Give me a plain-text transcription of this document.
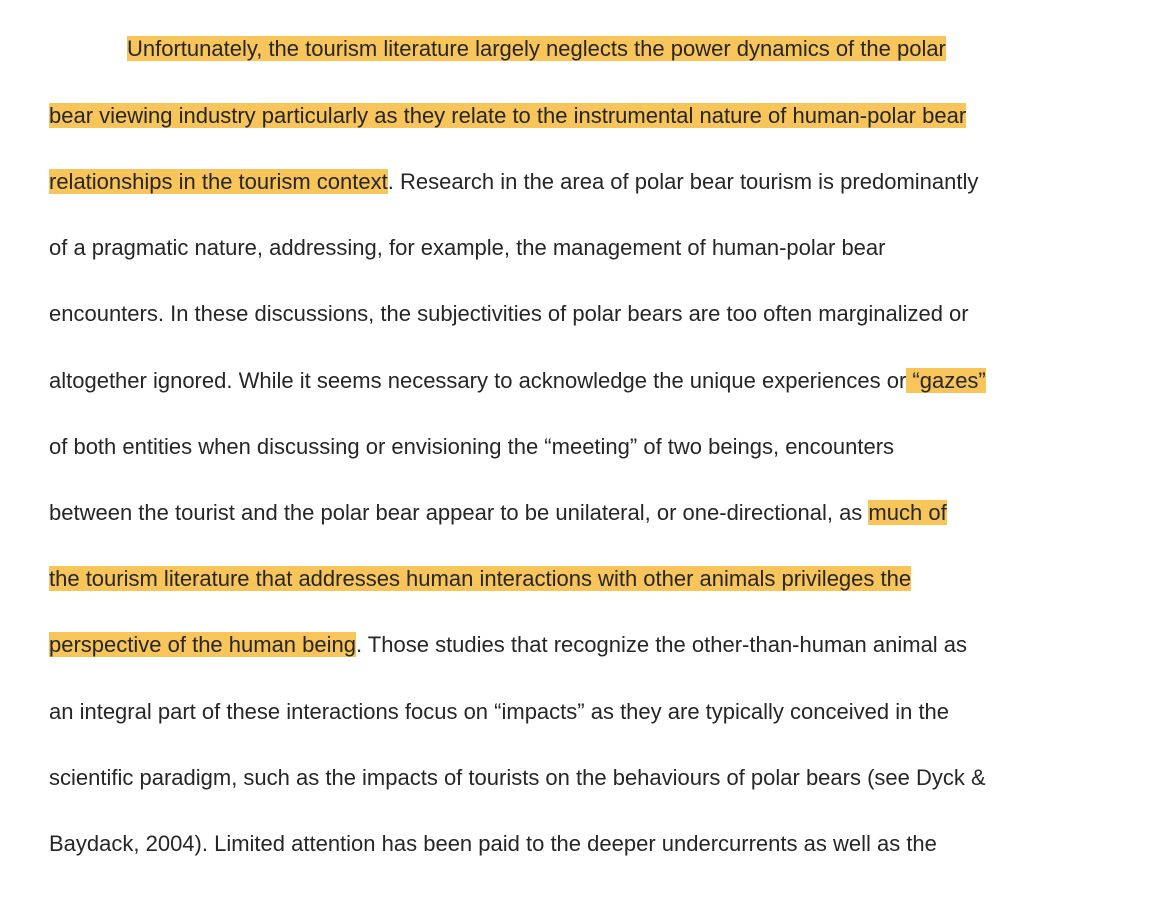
Unfortunately, the tourism literature largely neglects the power dynamics of the polar
bear viewing industry particularly as they relate to the instrumental nature of human-polar bear
relationships in the tourism context. Research in the area of polar bear tourism is predominantly
of a pragmatic nature, addressing, for example, the management of human-polar bear
encounters. In these discussions, the subjectivities of polar bears are too often marginalized or
altogether ignored. While it seems necessary to acknowledge the unique experiences or “gazes”
of both entities when discussing or envisioning the “meeting” of two beings, encounters
between the tourist and the polar bear appear to be unilateral, or one-directional, as much of
the tourism literature that addresses human interactions with other animals privileges the
perspective of the human being. Those studies that recognize the other-than-human animal as
an integral part of these interactions focus on “impacts” as they are typically conceived in the
scientific paradigm, such as the impacts of tourists on the behaviours of polar bears (see Dyck &
Baydack, 2004). Limited attention has been paid to the deeper undercurrents as well as the
